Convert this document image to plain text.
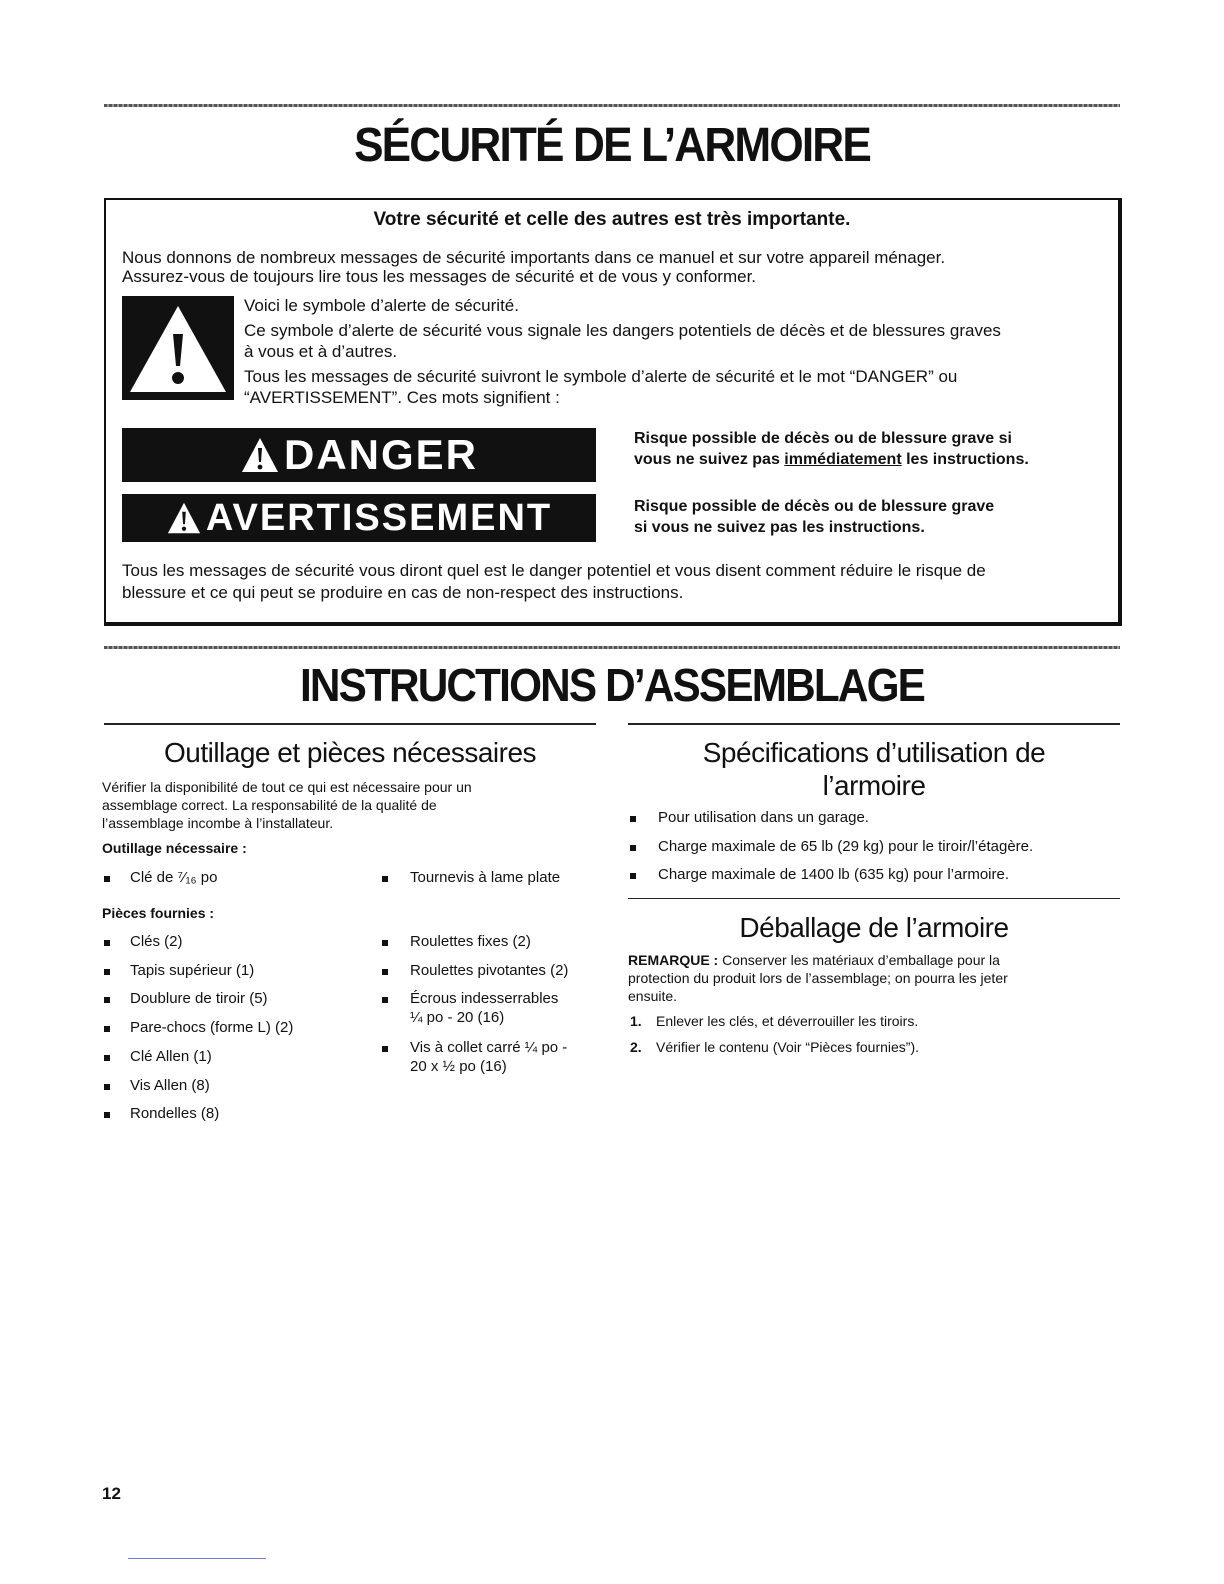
SÉCURITÉ DE L’ARMOIRE
Votre sécurité et celle des autres est très importante.
Nous donnons de nombreux messages de sécurité importants dans ce manuel et sur votre appareil ménager.
Assurez-vous de toujours lire tous les messages de sécurité et de vous y conformer.
Voici le symbole d’alerte de sécurité.
Ce symbole d’alerte de sécurité vous signale les dangers potentiels de décès et de blessures graves
à vous et à d’autres.
Tous les messages de sécurité suivront le symbole d’alerte de sécurité et le mot “DANGER” ou
“AVERTISSEMENT”. Ces mots signifient :
DANGER	Risque possible de décès ou de blessure grave si
vous ne suivez pas immédiatement les instructions.
AVERTISSEMENT	Risque possible de décès ou de blessure grave
si vous ne suivez pas les instructions.
Tous les messages de sécurité vous diront quel est le danger potentiel et vous disent comment réduire le risque de
blessure et ce qui peut se produire en cas de non-respect des instructions.
INSTRUCTIONS D’ASSEMBLAGE
Outillage et pièces nécessaires
Vérifier la disponibilité de tout ce qui est nécessaire pour un
assemblage correct. La responsabilité de la qualité de
l’assemblage incombe à l’installateur.
Outillage nécessaire :
Clé de ⁷⁄₁₆ po	Tournevis à lame plate
Pièces fournies :
Clés (2)
Tapis supérieur (1)
Doublure de tiroir (5)
Pare-chocs (forme L) (2)
Clé Allen (1)
Vis Allen (8)
Rondelles (8)
Roulettes fixes (2)
Roulettes pivotantes (2)
Écrous indesserrables
¼ po - 20 (16)
Vis à collet carré ¼ po -
20 x ½ po (16)
Spécifications d’utilisation de
l’armoire
Pour utilisation dans un garage.
Charge maximale de 65 lb (29 kg) pour le tiroir/l’étagère.
Charge maximale de 1400 lb (635 kg) pour l’armoire.
Déballage de l’armoire
REMARQUE : Conserver les matériaux d’emballage pour la
protection du produit lors de l’assemblage; on pourra les jeter
ensuite.
1. Enlever les clés, et déverrouiller les tiroirs.
2. Vérifier le contenu (Voir “Pièces fournies”).
12
